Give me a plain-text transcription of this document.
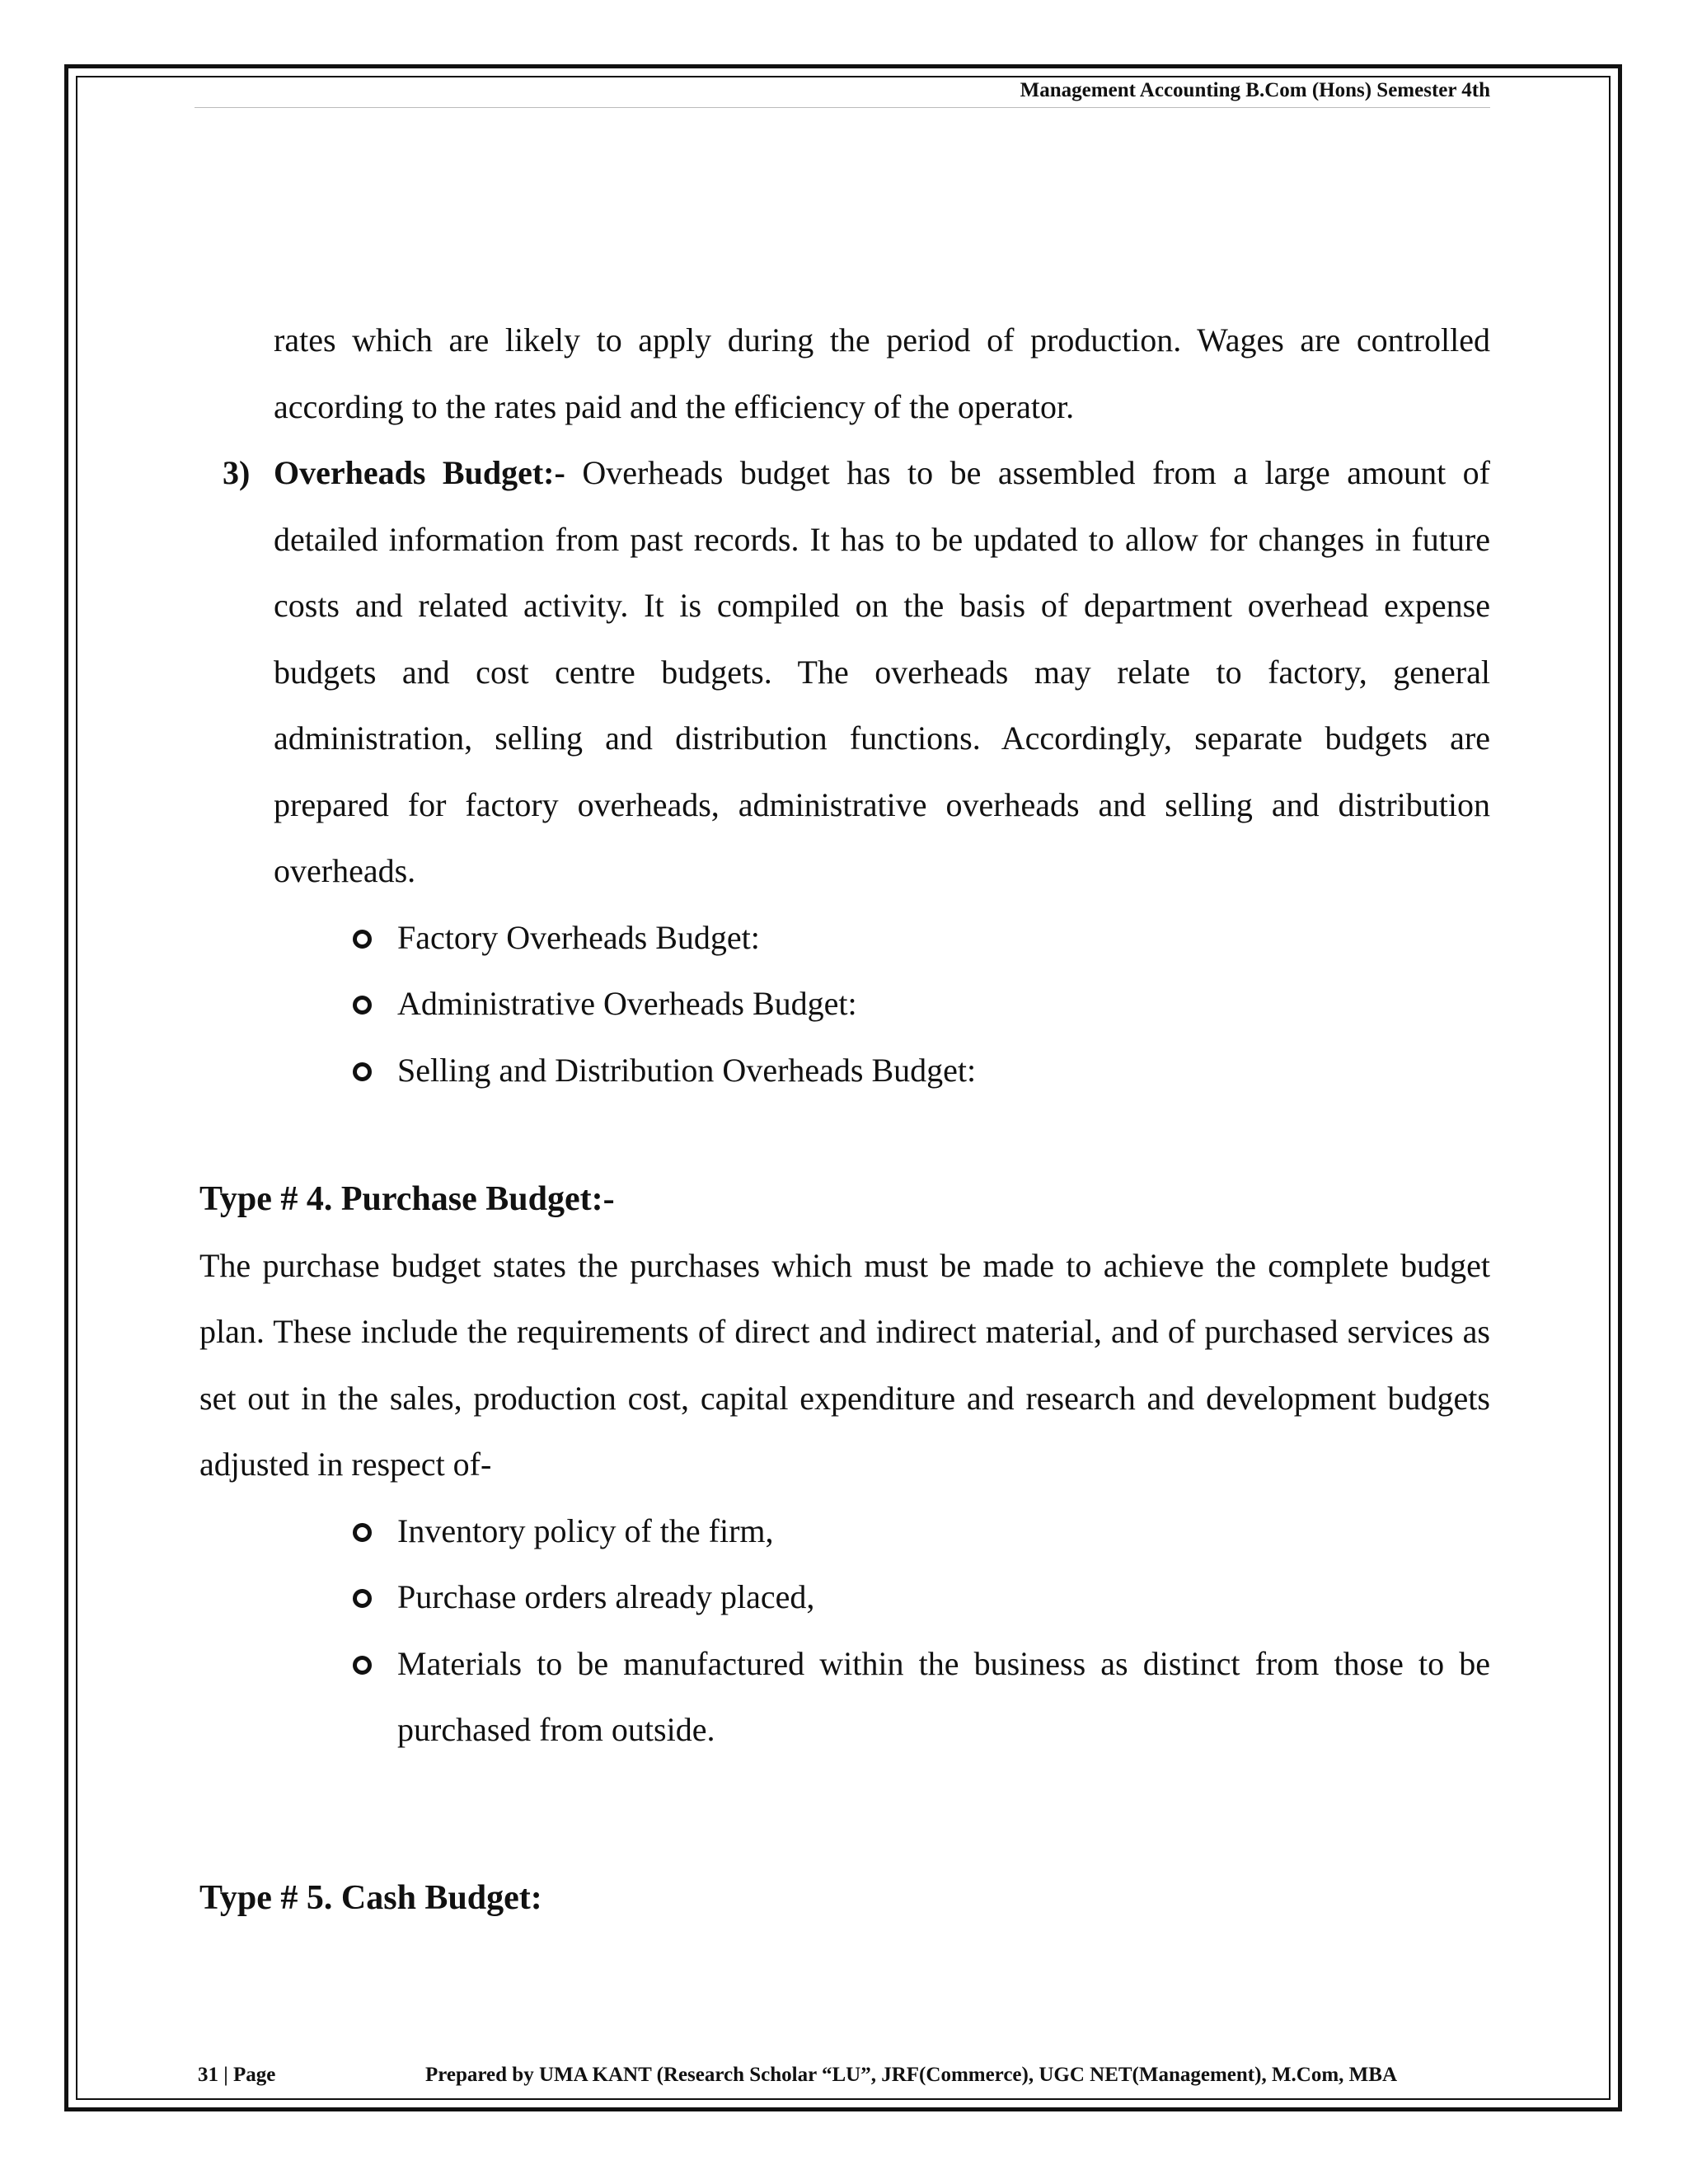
Management Accounting B.Com (Hons) Semester 4th
rates which are likely to apply during the period of production. Wages are controlled according to the rates paid and the efficiency of the operator.
3) Overheads Budget:- Overheads budget has to be assembled from a large amount of detailed information from past records. It has to be updated to allow for changes in future costs and related activity. It is compiled on the basis of department overhead expense budgets and cost centre budgets. The overheads may relate to factory, general administration, selling and distribution functions. Accordingly, separate budgets are prepared for factory overheads, administrative overheads and selling and distribution overheads.
Factory Overheads Budget:
Administrative Overheads Budget:
Selling and Distribution Overheads Budget:
Type # 4. Purchase Budget:-
The purchase budget states the purchases which must be made to achieve the complete budget plan. These include the requirements of direct and indirect material, and of purchased services as set out in the sales, production cost, capital expenditure and research and development budgets adjusted in respect of-
Inventory policy of the firm,
Purchase orders already placed,
Materials to be manufactured within the business as distinct from those to be purchased from outside.
Type # 5. Cash Budget:
31 | Page	Prepared by UMA KANT (Research Scholar “LU”, JRF(Commerce), UGC NET(Management), M.Com, MBA
